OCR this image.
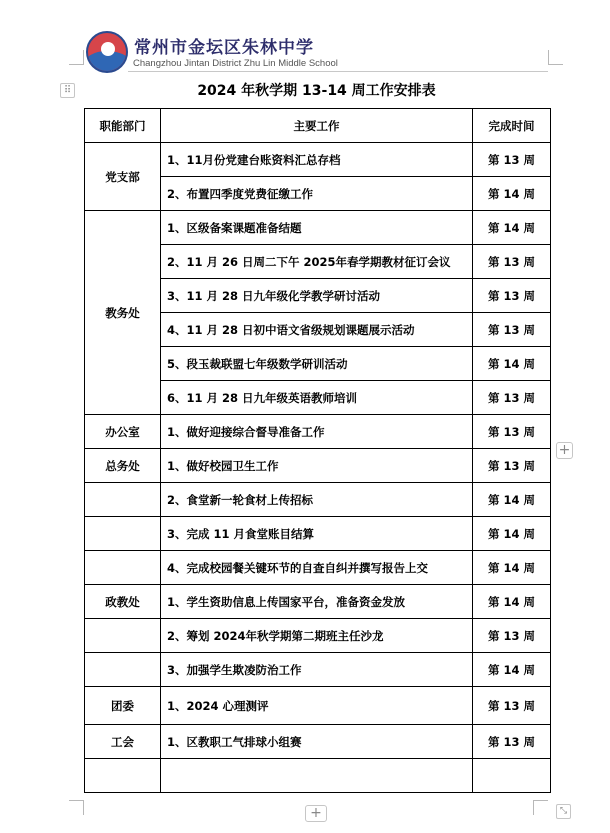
常州市金坛区朱林中学
Changzhou Jintan District Zhu Lin Middle School
⠿	2024 年秋学期 13-14 周工作安排表
职能部门	主要工作	完成时间
党支部	1、11月份党建台账资料汇总存档	第 13 周
	2、布置四季度党费征缴工作	第 14 周
教务处	1、区级备案课题准备结题	第 14 周
	2、11 月 26 日周二下午 2025年春学期教材征订会议	第 13 周
	3、11 月 28 日九年级化学教学研讨活动	第 13 周
	4、11 月 28 日初中语文省级规划课题展示活动	第 13 周
	5、段玉裁联盟七年级数学研训活动	第 14 周
	6、11 月 28 日九年级英语教师培训	第 13 周
办公室	1、做好迎接综合督导准备工作	第 13 周
总务处	1、做好校园卫生工作	第 13 周
	2、食堂新一轮食材上传招标	第 14 周
	3、完成 11 月食堂账目结算	第 14 周
	4、完成校园餐关键环节的自查自纠并撰写报告上交	第 14 周
政教处	1、学生资助信息上传国家平台，准备资金发放	第 14 周
	2、筹划 2024年秋学期第二期班主任沙龙	第 13 周
	3、加强学生欺凌防治工作	第 14 周
团委	1、2024 心理测评	第 13 周
工会	1、区教职工气排球小组赛	第 13 周

+
+	⤡
